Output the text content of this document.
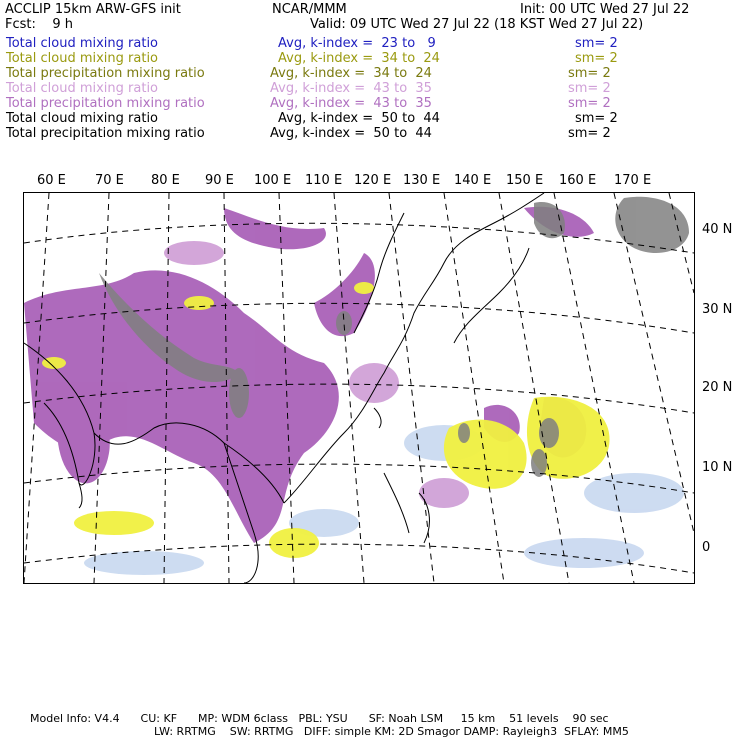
ACCLIP 15km ARW-GFS init	NCAR/MMM	Init: 00 UTC Wed 27 Jul 22
Fcst:    9 h	Valid: 09 UTC Wed 27 Jul 22 (18 KST Wed 27 Jul 22)
Total cloud mixing ratio	Avg, k-index =  23 to   9	sm= 2
Total cloud mixing ratio	Avg, k-index =  34 to  24	sm= 2
Total precipitation mixing ratio	Avg, k-index =  34 to  24	sm= 2
Total cloud mixing ratio	Avg, k-index =  43 to  35	sm= 2
Total precipitation mixing ratio	Avg, k-index =  43 to  35	sm= 2
Total cloud mixing ratio	Avg, k-index =  50 to  44	sm= 2
Total precipitation mixing ratio	Avg, k-index =  50 to  44	sm= 2
60 E 70 E 80 E 90 E 100 E 110 E 120 E 130 E 140 E 150 E 160 E 170 E
40 N
30 N
20 N
10 N
0
Model Info: V4.4      CU: KF      MP: WDM 6class   PBL: YSU      SF: Noah LSM     15 km    51 levels    90 sec
LW: RRTMG    SW: RRTMG   DIFF: simple KM: 2D Smagor DAMP: Rayleigh3  SFLAY: MM5
